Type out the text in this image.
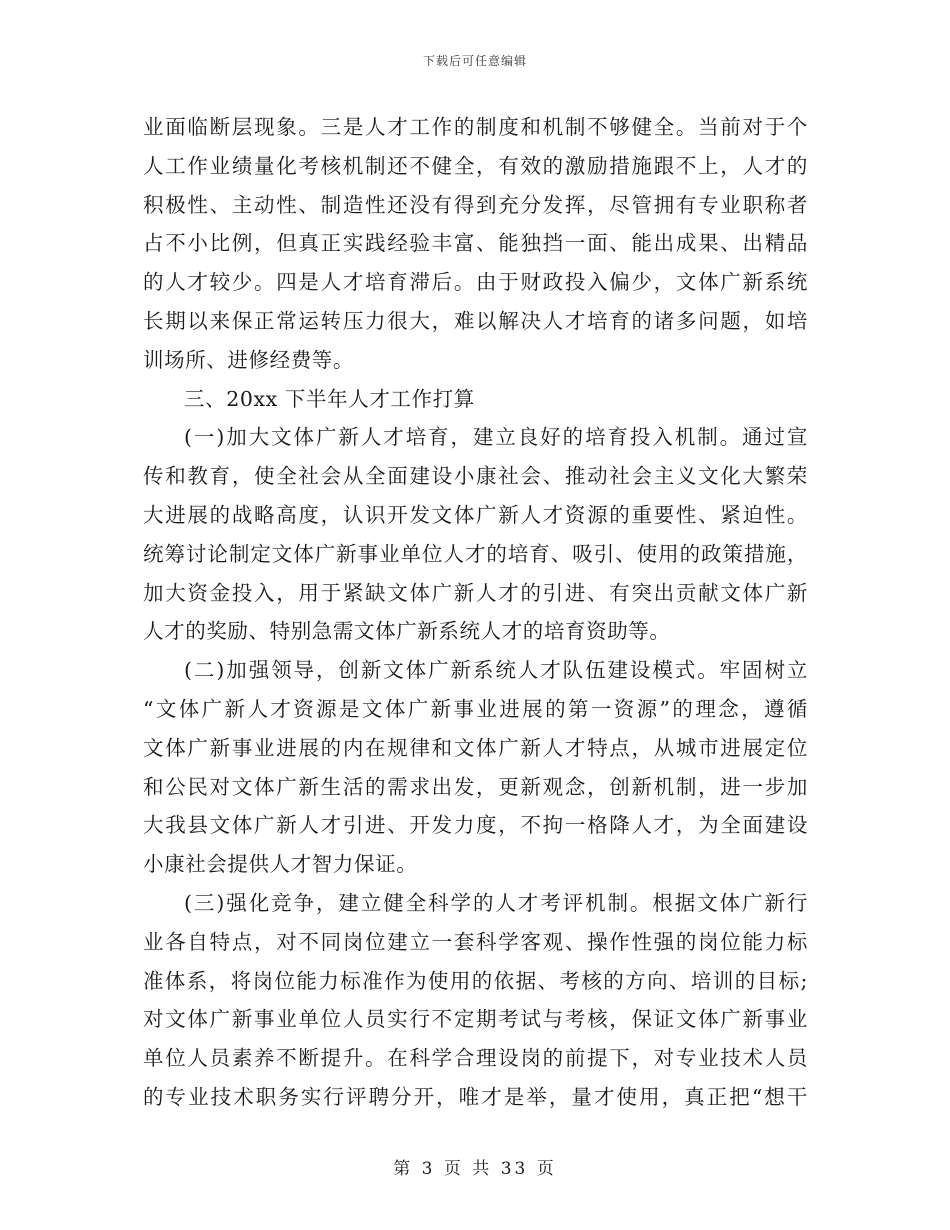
下载后可任意编辑
业面临断层现象。三是人才工作的制度和机制不够健全。当前对于个
人工作业绩量化考核机制还不健全，有效的激励措施跟不上，人才的
积极性、主动性、制造性还没有得到充分发挥，尽管拥有专业职称者
占不小比例，但真正实践经验丰富、能独挡一面、能出成果、出精品
的人才较少。四是人才培育滞后。由于财政投入偏少，文体广新系统
长期以来保正常运转压力很大，难以解决人才培育的诸多问题，如培
训场所、进修经费等。
三、20xx 下半年人才工作打算
(一)加大文体广新人才培育，建立良好的培育投入机制。通过宣
传和教育，使全社会从全面建设小康社会、推动社会主义文化大繁荣
大进展的战略高度，认识开发文体广新人才资源的重要性、紧迫性。
统筹讨论制定文体广新事业单位人才的培育、吸引、使用的政策措施，
加大资金投入，用于紧缺文体广新人才的引进、有突出贡献文体广新
人才的奖励、特别急需文体广新系统人才的培育资助等。
(二)加强领导，创新文体广新系统人才队伍建设模式。牢固树立
“文体广新人才资源是文体广新事业进展的第一资源”的理念，遵循
文体广新事业进展的内在规律和文体广新人才特点，从城市进展定位
和公民对文体广新生活的需求出发，更新观念，创新机制，进一步加
大我县文体广新人才引进、开发力度，不拘一格降人才，为全面建设
小康社会提供人才智力保证。
(三)强化竞争，建立健全科学的人才考评机制。根据文体广新行
业各自特点，对不同岗位建立一套科学客观、操作性强的岗位能力标
准体系，将岗位能力标准作为使用的依据、考核的方向、培训的目标;
对文体广新事业单位人员实行不定期考试与考核，保证文体广新事业
单位人员素养不断提升。在科学合理设岗的前提下，对专业技术人员
的专业技术职务实行评聘分开，唯才是举，量才使用，真正把“想干
第 3 页 共 33 页
